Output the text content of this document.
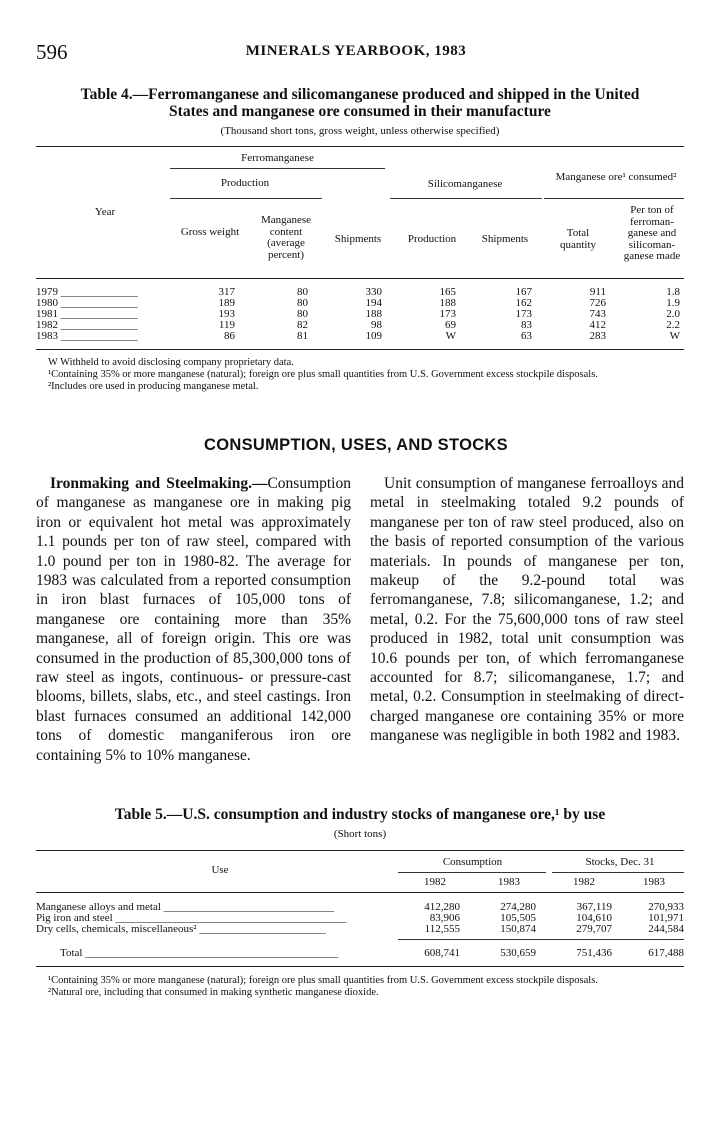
596	MINERALS YEARBOOK, 1983
Table 4.—Ferromanganese and silicomanganese produced and shipped in the United
States and manganese ore consumed in their manufacture
(Thousand short tons, gross weight, unless otherwise specified)
Ferromanganese
Production	Silicomanganese
Manganese ore¹ consumed²
Year
Gross weight
Manganese content (average percent)
Shipments	Production	Shipments	Total quantity
Per ton of ferroman-ganese and silicoman-ganese made
1979 ______________	317	80	330	165	167	911	1.8
1980 ______________	189	80	194	188	162	726	1.9
1981 ______________	193	80	188	173	173	743	2.0
1982 ______________	119	82	98	69	83	412	2.2
1983 ______________	86	81	109	W	63	283	W

W Withheld to avoid disclosing company proprietary data.

¹Containing 35% or more manganese (natural); foreign ore plus small quantities from U.S. Government excess stockpile disposals.

²Includes ore used in producing manganese metal.

CONSUMPTION, USES, AND STOCKS

Ironmaking and Steelmaking.—Consumption of manganese as manganese ore in making pig iron or equivalent hot metal was approximately 1.1 pounds per ton of raw steel, compared with 1.0 pound per ton in 1980-82. The average for 1983 was calculated from a reported consumption in iron blast furnaces of 105,000 tons of manganese ore containing more than 35% manganese, all of foreign origin. This ore was consumed in the production of 85,300,000 tons of raw steel as ingots, continuous- or pressure-cast blooms, billets, slabs, etc., and steel castings. Iron blast furnaces consumed an additional 142,000 tons of domestic manganiferous iron ore containing 5% to 10% manganese.

Unit consumption of manganese ferroalloys and metal in steelmaking totaled 9.2 pounds of manganese per ton of raw steel produced, also on the basis of reported consumption of the various materials. In pounds of manganese per ton, makeup of the 9.2-pound total was ferromanganese, 7.8; silicomanganese, 1.2; and metal, 0.2. For the 75,600,000 tons of raw steel produced in 1982, total unit consumption was 10.6 pounds per ton, of which ferromanganese accounted for 8.7; silicomanganese, 1.7; and metal, 0.2. Consumption in steelmaking of direct-charged manganese ore containing 35% or more manganese was negligible in both 1982 and 1983.

Table 5.—U.S. consumption and industry stocks of manganese ore,¹ by use
(Short tons)
Use
Consumption	Stocks, Dec. 31
1982	1983	1982	1983
Manganese alloys and metal _______________________________	412,280	274,280	367,119	270,933
Pig iron and steel __________________________________________	83,906	105,505	104,610	101,971
Dry cells, chemicals, miscellaneous² _______________________	112,555	150,874	279,707	244,584
Total ______________________________________________	608,741	530,659	751,436	617,488

¹Containing 35% or more manganese (natural); foreign ore plus small quantities from U.S. Government excess stockpile disposals.

²Natural ore, including that consumed in making synthetic manganese dioxide.
